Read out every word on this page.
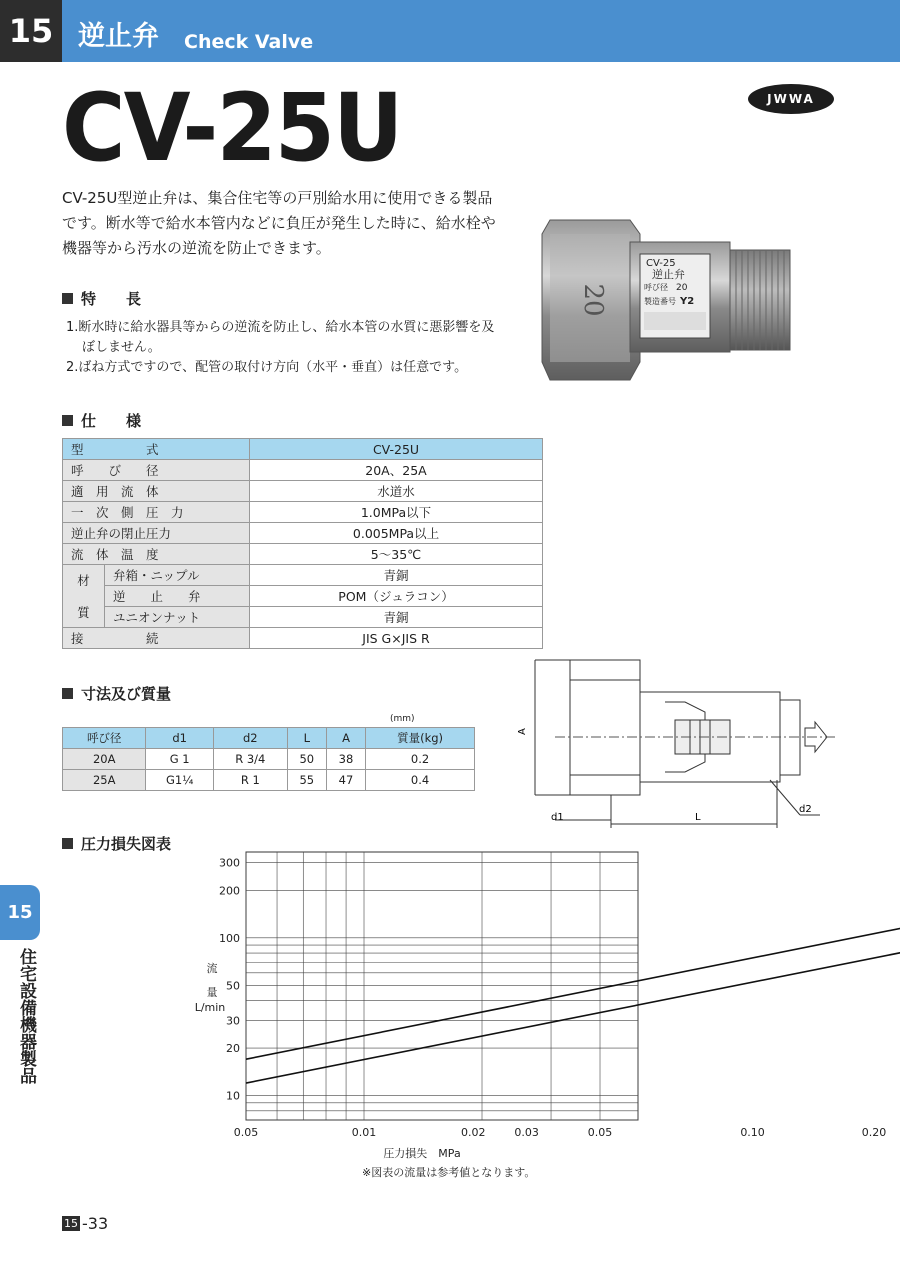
15 逆止弁 Check Valve
CV-25U	JWWA
CV-25U型逆止弁は、集合住宅等の戸別給水用に使用できる製品です。断水等で給水本管内などに負圧が発生した時に、給水栓や機器等から汚水の逆流を防止できます。
20
CV-25
逆止弁
呼び径 20
製造番号 Y2
特　　長
1.断水時に給水器具等からの逆流を防止し、給水本管の水質に悪影響を及ぼしません。
2.ばね方式ですので、配管の取付け方向（水平・垂直）は任意です。
仕　　様
型　　　　　式		CV-25U
呼　　び　　径		20A、25A
適　用　流　体		水道水
一　次　側　圧　力		1.0MPa以下
逆止弁の閉止圧力		0.005MPa以上
流　体　温　度		5～35℃

材
質	弁箱・ニップル	青銅
	逆　　止　　弁	POM（ジュラコン）
	ユニオンナット	青銅
接　　　　　続		JIS G×JIS R
寸法及び質量
(mm)
呼び径	d1	d2	L	A	質量(kg)
20A	G 1	R 3/4	50	38	0.2
25A	G1¼	R 1	55	47	0.4
A
d1	L
d2
圧力損失図表
10
20
30
50
100
200
300
0.05	0.01	0.02	0.03	0.05	0.10	0.20
圧力損失　MPa
流
量
L/min
※図表の流量は参考値となります。
15
住宅設備機器製品
15 -33
